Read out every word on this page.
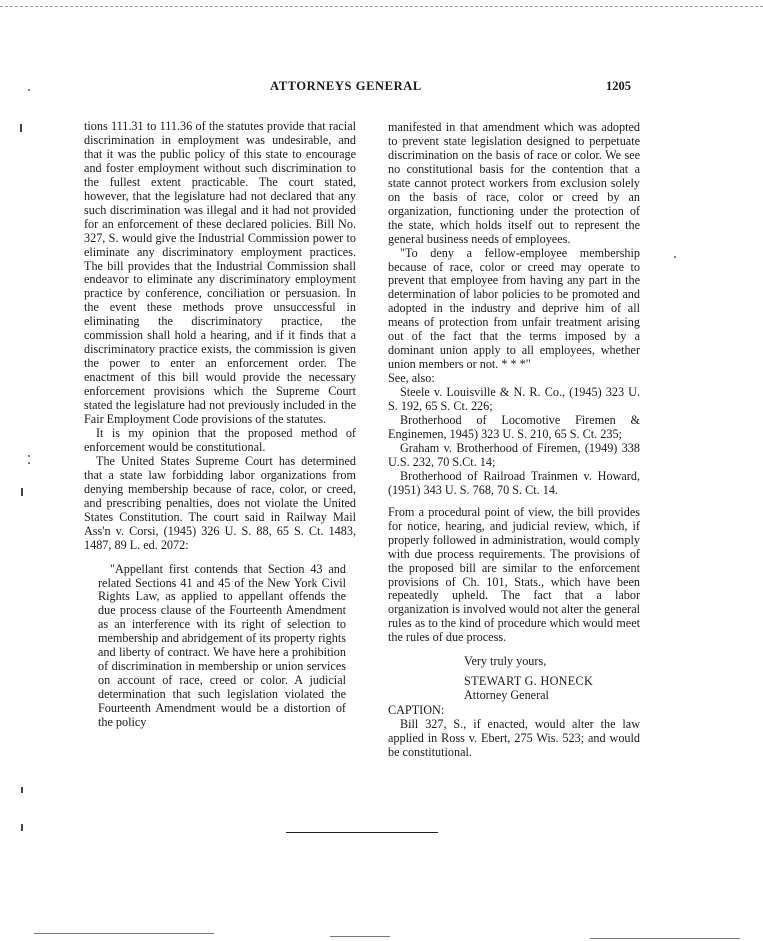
ATTORNEYS GENERAL	1205

tions 111.31 to 111.36 of the statutes provide that racial discrimination in employment was undesirable, and that it was the public policy of this state to encourage and foster employment without such discrimination to the fullest extent practicable. The court stated, however, that the legislature had not declared that any such discrimination was illegal and it had not provided for an enforcement of these declared policies. Bill No. 327, S. would give the Industrial Commission power to eliminate any discriminatory employment practices. The bill provides that the Industrial Commission shall endeavor to eliminate any discriminatory employment practice by conference, conciliation or persuasion. In the event these methods prove unsuccessful in eliminating the discriminatory practice, the commission shall hold a hearing, and if it finds that a discriminatory practice exists, the commission is given the power to enter an enforcement order. The enactment of this bill would provide the necessary enforcement provisions which the Supreme Court stated the legislature had not previously included in the Fair Employment Code provisions of the statutes.

It is my opinion that the proposed method of enforcement would be constitutional.

The United States Supreme Court has determined that a state law forbidding labor organizations from denying membership because of race, color, or creed, and prescribing penalties, does not violate the United States Constitution. The court said in Railway Mail Ass'n v. Corsi, (1945) 326 U. S. 88, 65 S. Ct. 1483, 1487, 89 L. ed. 2072:

"Appellant first contends that Section 43 and related Sections 41 and 45 of the New York Civil Rights Law, as applied to appellant offends the due process clause of the Fourteenth Amendment as an interference with its right of selection to membership and abridgement of its property rights and liberty of contract. We have here a prohibition of discrimination in membership or union services on account of race, creed or color. A judicial determination that such legislation violated the Fourteenth Amendment would be a distortion of the policy

manifested in that amendment which was adopted to prevent state legislation designed to perpetuate discrimination on the basis of race or color. We see no constitutional basis for the contention that a state cannot protect workers from exclusion solely on the basis of race, color or creed by an organization, functioning under the protection of the state, which holds itself out to represent the general business needs of employees.

"To deny a fellow-employee membership because of race, color or creed may operate to prevent that employee from having any part in the determination of labor policies to be promoted and adopted in the industry and deprive him of all means of protection from unfair treatment arising out of the fact that the terms imposed by a dominant union apply to all employees, whether union members or not. * * *"

See, also:

Steele v. Louisville & N. R. Co., (1945) 323 U. S. 192, 65 S. Ct. 226;

Brotherhood of Locomotive Firemen & Enginemen, 1945) 323 U. S. 210, 65 S. Ct. 235;

Graham v. Brotherhood of Firemen, (1949) 338 U.S. 232, 70 S.Ct. 14;

Brotherhood of Railroad Trainmen v. Howard, (1951) 343 U. S. 768, 70 S. Ct. 14.

From a procedural point of view, the bill provides for notice, hearing, and judicial review, which, if properly followed in administration, would comply with due process requirements. The provisions of the proposed bill are similar to the enforcement provisions of Ch. 101, Stats., which have been repeatedly upheld. The fact that a labor organization is involved would not alter the general rules as to the kind of procedure which would meet the rules of due process.

Very truly yours,

STEWART G. HONECK

Attorney General

CAPTION:

Bill 327, S., if enacted, would alter the law applied in Ross v. Ebert, 275 Wis. 523; and would be constitutional.
